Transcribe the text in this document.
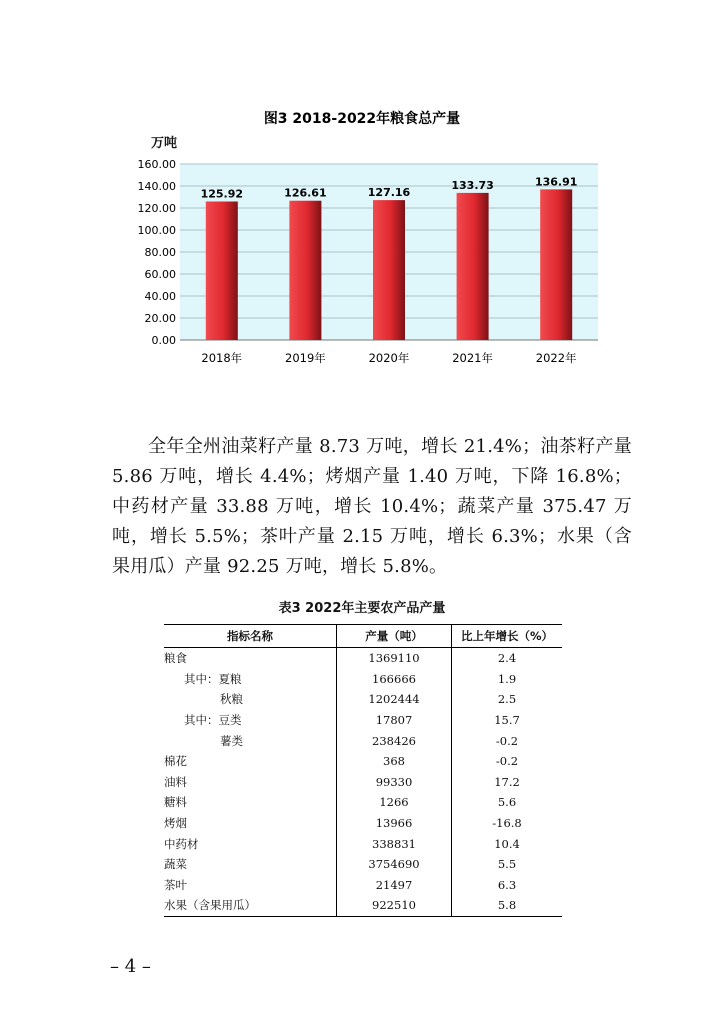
图3 2018-2022年粮食总产量
万吨
0.00
20.00
40.00
60.00
80.00
100.00
120.00
140.00
160.00
2018年	2019年	2020年	2021年	2022年
125.92	126.61	127.16
133.73	136.91

全年全州油菜籽产量 8.73 万吨，增长 21.4%；油茶籽产量 5.86 万吨，增长 4.4%；烤烟产量 1.40 万吨，下降 16.8%；中药材产量 33.88 万吨，增长 10.4%；蔬菜产量 375.47 万吨，增长 5.5%；茶叶产量 2.15 万吨，增长 6.3%；水果（含果用瓜）产量 92.25 万吨，增长 5.8%。

表3 2022年主要农产品产量
指标名称	产量（吨）	比上年增长（%）
粮食	1369110	2.4
其中：夏粮	166666	1.9
秋粮	1202444	2.5
其中：豆类	17807	15.7
薯类	238426	-0.2
棉花	368	-0.2
油料	99330	17.2
糖料	1266	5.6
烤烟	13966	-16.8
中药材	338831	10.4
蔬菜	3754690	5.5
茶叶	21497	6.3
水果（含果用瓜）	922510	5.8
– 4 –
